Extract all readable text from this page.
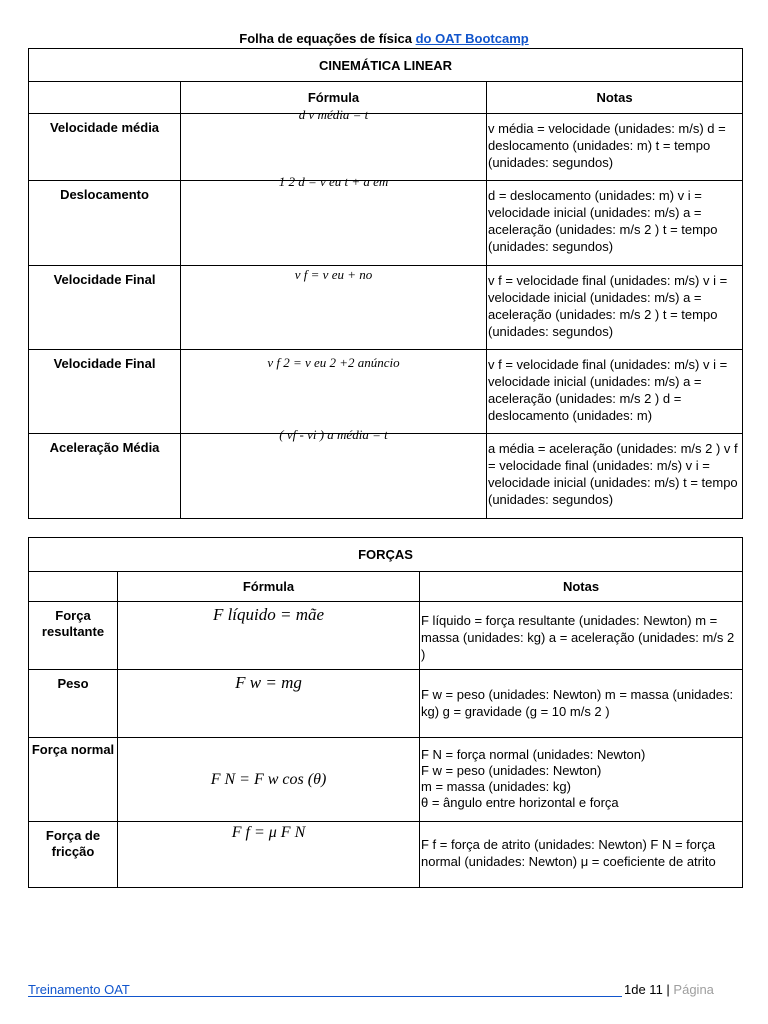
Folha de equações de física do OAT Bootcamp
CINEMÁTICA LINEAR		
	Fórmula	Notas
Velocidade média	d v média = t	v média = velocidade (unidades: m/s) d = deslocamento (unidades: m) t = tempo (unidades: segundos)
Deslocamento	1 2 d = v eu t + a em	d = deslocamento (unidades: m) v i = velocidade inicial (unidades: m/s) a = aceleração (unidades: m/s 2 ) t = tempo (unidades: segundos)
Velocidade Final	v f = v eu + no	v f = velocidade final (unidades: m/s) v i = velocidade inicial (unidades: m/s) a = aceleração (unidades: m/s 2 ) t = tempo (unidades: segundos)
Velocidade Final	v f 2 = v eu 2 +2 anúncio	v f = velocidade final (unidades: m/s) v i = velocidade inicial (unidades: m/s) a = aceleração (unidades: m/s 2 ) d = deslocamento (unidades: m)
Aceleração Média	( vf - vi ) a média = t	a média = aceleração (unidades: m/s 2 ) v f = velocidade final (unidades: m/s) v i = velocidade inicial (unidades: m/s) t = tempo (unidades: segundos)
FORÇAS		
	Fórmula	Notas
Força resultante	F líquido = mãe	F líquido = força resultante (unidades: Newton) m = massa (unidades: kg) a = aceleração (unidades: m/s 2 )
Peso	F w = mg	F w = peso (unidades: Newton) m = massa (unidades: kg) g = gravidade (g = 10 m/s 2 )
Força normal	F N = F w cos (θ)	F N = força normal (unidades: Newton)
F w = peso (unidades: Newton)
m = massa (unidades: kg)
θ = ângulo entre horizontal e força

Força de fricção	F f = μ F N	F f = força de atrito (unidades: Newton) F N = força normal (unidades: Newton) μ = coeficiente de atrito
Treinamento OAT	1de 11 | Página
